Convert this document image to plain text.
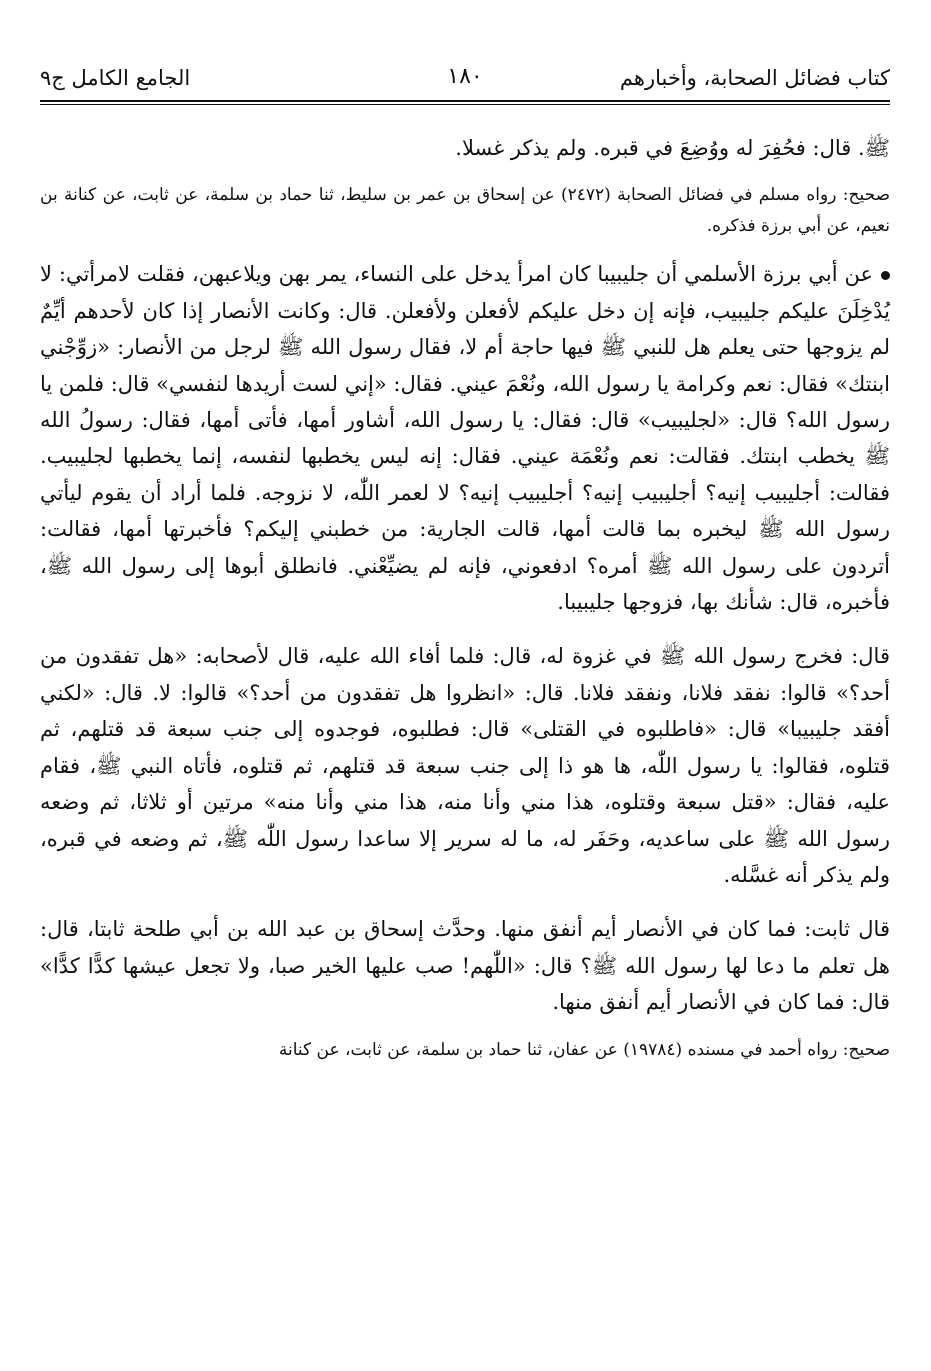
كتاب فضائل الصحابة، وأخبارهم
١٨٠
الجامع الكامل ج٩

ﷺ. قال: فحُفِرَ له ووُضِعَ في قبره. ولم يذكر غسلا.

صحيح: رواه مسلم في فضائل الصحابة (٢٤٧٢) عن إسحاق بن عمر بن سليط، ثنا حماد بن سلمة، عن ثابت، عن كنانة بن نعيم، عن أبي برزة فذكره.

عن أبي برزة الأسلمي أن جليبيبا كان امرأ يدخل على النساء، يمر بهن ويلاعبهن، فقلت لامرأتي: لا يُدْخِلَنَ عليكم جليبيب، فإنه إن دخل عليكم لأفعلن ولأفعلن. قال: وكانت الأنصار إذا كان لأحدهم أيِّمٌ لم يزوجها حتى يعلم هل للنبي ﷺ فيها حاجة أم لا، فقال رسول الله ﷺ لرجل من الأنصار: «زوِّجْني ابنتك» فقال: نعم وكرامة يا رسول الله، ونُعْمَ عيني. فقال: «إني لست أريدها لنفسي» قال: فلمن يا رسول الله؟ قال: «لجليبيب» قال: فقال: يا رسول الله، أشاور أمها، فأتى أمها، فقال: رسولُ الله ﷺ يخطب ابنتك. فقالت: نعم ونُعْمَة عيني. فقال: إنه ليس يخطبها لنفسه، إنما يخطبها لجليبيب. فقالت: أجليبيب إنيه؟ أجليبيب إنيه؟ أجليبيب إنيه؟ لا لعمر اللّٰه، لا نزوجه. فلما أراد أن يقوم ليأتي رسول الله ﷺ ليخبره بما قالت أمها، قالت الجارية: من خطبني إليكم؟ فأخبرتها أمها، فقالت: أتردون على رسول الله ﷺ أمره؟ ادفعوني، فإنه لم يضيِّعْني. فانطلق أبوها إلى رسول الله ﷺ، فأخبره، قال: شأنك بها، فزوجها جليبيبا.

قال: فخرج رسول الله ﷺ في غزوة له، قال: فلما أفاء الله عليه، قال لأصحابه: «هل تفقدون من أحد؟» قالوا: نفقد فلانا، ونفقد فلانا. قال: «انظروا هل تفقدون من أحد؟» قالوا: لا. قال: «لكني أفقد جليبيبا» قال: «فاطلبوه في القتلى» قال: فطلبوه، فوجدوه إلى جنب سبعة قد قتلهم، ثم قتلوه، فقالوا: يا رسول اللّٰه، ها هو ذا إلى جنب سبعة قد قتلهم، ثم قتلوه، فأتاه النبي ﷺ، فقام عليه، فقال: «قتل سبعة وقتلوه، هذا مني وأنا منه، هذا مني وأنا منه» مرتين أو ثلاثا، ثم وضعه رسول الله ﷺ على ساعديه، وحَفَر له، ما له سرير إلا ساعدا رسول اللّٰه ﷺ، ثم وضعه في قبره، ولم يذكر أنه غسَّله.

قال ثابت: فما كان في الأنصار أيم أنفق منها. وحدَّث إسحاق بن عبد الله بن أبي طلحة ثابتا، قال: هل تعلم ما دعا لها رسول الله ﷺ؟ قال: «اللّٰهم! صب عليها الخير صبا، ولا تجعل عيشها كدًّا كدًّا» قال: فما كان في الأنصار أيم أنفق منها.

صحيح: رواه أحمد في مسنده (١٩٧٨٤) عن عفان، ثنا حماد بن سلمة، عن ثابت، عن كنانة
